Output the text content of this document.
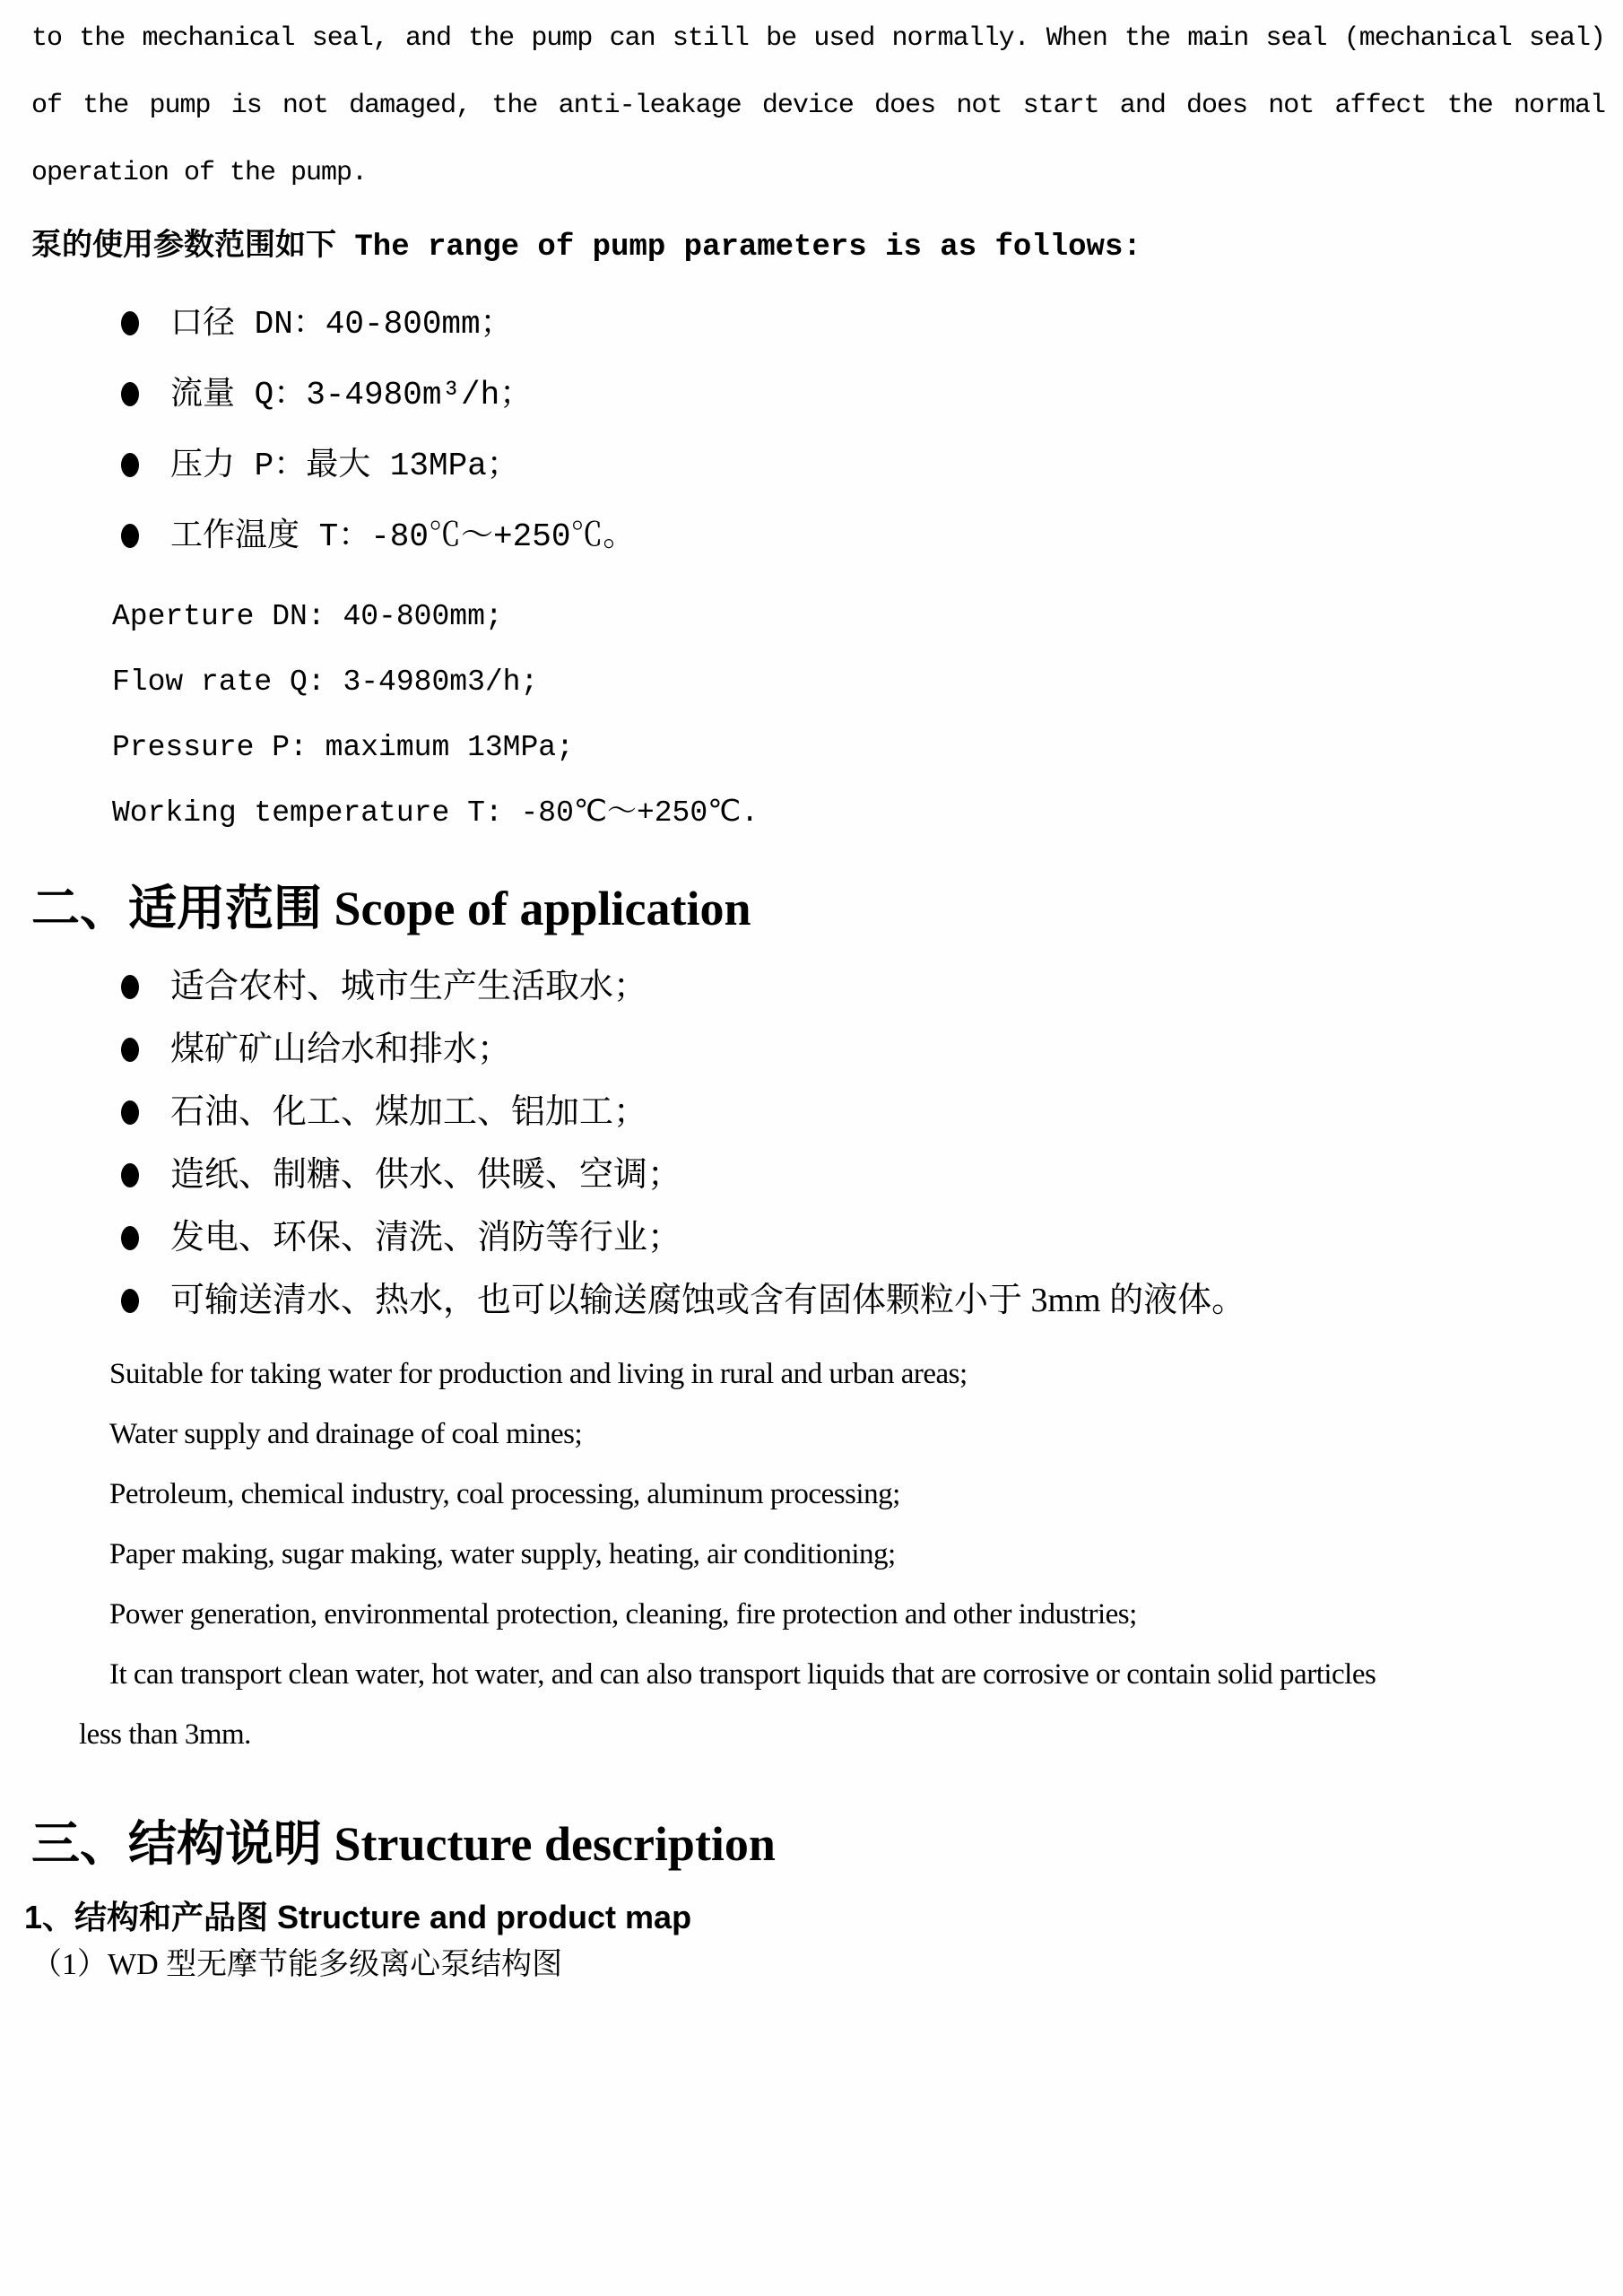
to the mechanical seal, and the pump can still be used normally. When the main seal (mechanical seal)
of the pump is not damaged, the anti-leakage device does not start and does not affect the normal
operation of the pump.
泵的使用参数范围如下 The range of pump parameters is as follows:
口径 DN：40-800mm；
流量 Q：3-4980m³/h；
压力 P：最大 13MPa；
工作温度 T：-80℃～+250℃。
Aperture DN: 40-800mm;
Flow rate Q: 3-4980m3/h;
Pressure P: maximum 13MPa;
Working temperature T: -80℃～+250℃.
二、适用范围 Scope of application
适合农村、城市生产生活取水；
煤矿矿山给水和排水；
石油、化工、煤加工、铝加工；
造纸、制糖、供水、供暖、空调；
发电、环保、清洗、消防等行业；
可输送清水、热水，也可以输送腐蚀或含有固体颗粒小于 3mm 的液体。
Suitable for taking water for production and living in rural and urban areas;
Water supply and drainage of coal mines;
Petroleum, chemical industry, coal processing, aluminum processing;
Paper making, sugar making, water supply, heating, air conditioning;
Power generation, environmental protection, cleaning, fire protection and other industries;
It can transport clean water, hot water, and can also transport liquids that are corrosive or contain solid particles
less than 3mm.
三、结构说明 Structure description
1、结构和产品图 Structure and product map
（1）WD 型无摩节能多级离心泵结构图
